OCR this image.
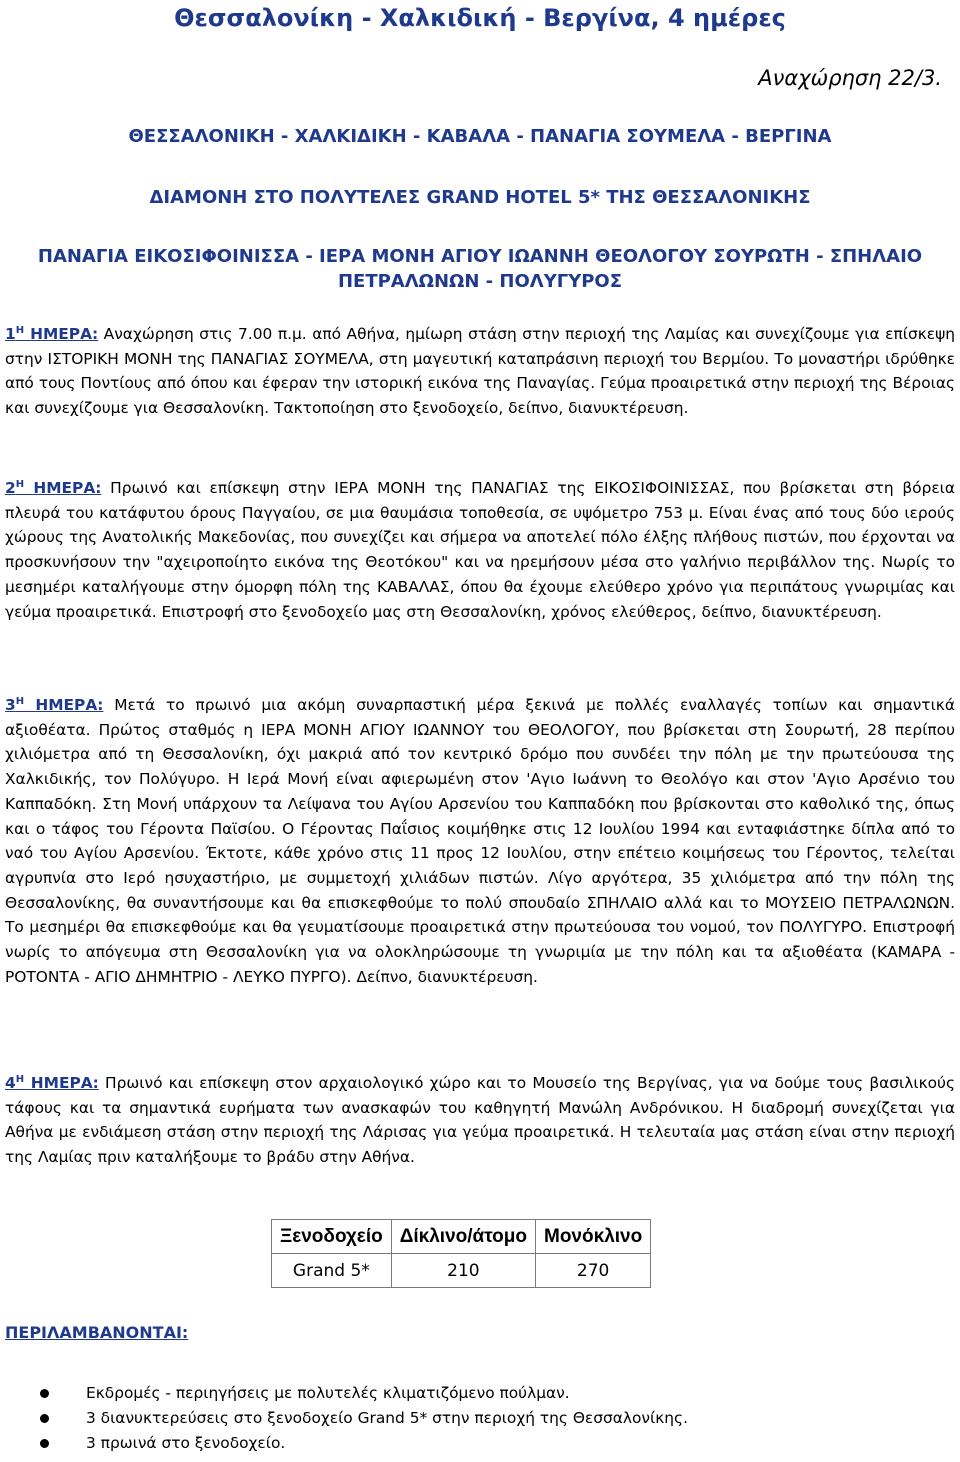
Θεσσαλονίκη - Χαλκιδική - Βεργίνα, 4 ημέρες
Αναχώρηση 22/3.
ΘΕΣΣΑΛΟΝΙΚΗ - ΧΑΛΚΙΔΙΚΗ - ΚΑΒΑΛΑ - ΠΑΝΑΓΙΑ ΣΟΥΜΕΛΑ - ΒΕΡΓΙΝΑ
ΔΙΑΜΟΝΗ ΣΤΟ ΠΟΛΥΤΕΛΕΣ GRAND HOTEL 5* ΤΗΣ ΘΕΣΣΑΛΟΝΙΚΗΣ
ΠΑΝΑΓΙΑ ΕΙΚΟΣΙΦΟΙΝΙΣΣΑ - ΙΕΡΑ ΜΟΝΗ ΑΓΙΟΥ ΙΩΑΝΝΗ ΘΕΟΛΟΓΟΥ ΣΟΥΡΩΤΗ - ΣΠΗΛΑΙΟ ΠΕΤΡΑΛΩΝΩΝ - ΠΟΛΥΓΥΡΟΣ
$1^H$ ΗΜΕΡΑ: Αναχώρηση στις 7.00 π.μ. από Αθήνα, ημίωρη στάση στην περιοχή της Λαμίας και συνεχίζουμε για επίσκεψη στην ΙΣΤΟΡΙΚΗ ΜΟΝΗ της ΠΑΝΑΓΙΑΣ ΣΟΥΜΕΛΑ, στη μαγευτική καταπράσινη περιοχή του Βερμίου. Το μοναστήρι ιδρύθηκε από τους Ποντίους από όπου και έφεραν την ιστορική εικόνα της Παναγίας. Γεύμα προαιρετικά στην περιοχή της Βέροιας και συνεχίζουμε για Θεσσαλονίκη. Τακτοποίηση στο ξενοδοχείο, δείπνο, διανυκτέρευση.
$2^H$ ΗΜΕΡΑ: Πρωινό και επίσκεψη στην ΙΕΡΑ ΜΟΝΗ της ΠΑΝΑΓΙΑΣ της ΕΙΚΟΣΙΦΟΙΝΙΣΣΑΣ, που βρίσκεται στη βόρεια πλευρά του κατάφυτου όρους Παγγαίου, σε μια θαυμάσια τοποθεσία, σε υψόμετρο 753 μ. Είναι ένας από τους δύο ιερούς χώρους της Ανατολικής Μακεδονίας, που συνεχίζει και σήμερα να αποτελεί πόλο έλξης πλήθους πιστών, που έρχονται να προσκυνήσουν την "αχειροποίητο εικόνα της Θεοτόκου" και να ηρεμήσουν μέσα στο γαλήνιο περιβάλλον της. Νωρίς το μεσημέρι καταλήγουμε στην όμορφη πόλη της ΚΑΒΑΛΑΣ, όπου θα έχουμε ελεύθερο χρόνο για περιπάτους γνωριμίας και γεύμα προαιρετικά. Επιστροφή στο ξενοδοχείο μας στη Θεσσαλονίκη, χρόνος ελεύθερος, δείπνο, διανυκτέρευση.
$3^H$ ΗΜΕΡΑ: Μετά το πρωινό μια ακόμη συναρπαστική μέρα ξεκινά με πολλές εναλλαγές τοπίων και σημαντικά αξιοθέατα. Πρώτος σταθμός η ΙΕΡΑ ΜΟΝΗ ΑΓΙΟΥ ΙΩΑΝΝΟΥ του ΘΕΟΛΟΓΟΥ, που βρίσκεται στη Σουρωτή, 28 περίπου χιλιόμετρα από τη Θεσσαλονίκη, όχι μακριά από τον κεντρικό δρόμο που συνδέει την πόλη με την πρωτεύουσα της Χαλκιδικής, τον Πολύγυρο. Η Ιερά Μονή είναι αφιερωμένη στον 'Αγιο Ιωάννη το Θεολόγο και στον 'Αγιο Αρσένιο του Καππαδόκη. Στη Μονή υπάρχουν τα Λείψανα του Αγίου Αρσενίου του Καππαδόκη που βρίσκονται στο καθολικό της, όπως και ο τάφος του Γέροντα Παϊσίου. Ο Γέροντας Παΐσιος κοιμήθηκε στις 12 Ιουλίου 1994 και ενταφιάστηκε δίπλα από το ναό του Αγίου Αρσενίου. Έκτοτε, κάθε χρόνο στις 11 προς 12 Ιουλίου, στην επέτειο κοιμήσεως του Γέροντος, τελείται αγρυπνία στο Ιερό ησυχαστήριο, με συμμετοχή χιλιάδων πιστών. Λίγο αργότερα, 35 χιλιόμετρα από την πόλη της Θεσσαλονίκης, θα συναντήσουμε και θα επισκεφθούμε το πολύ σπουδαίο ΣΠΗΛΑΙΟ αλλά και το ΜΟΥΣΕΙΟ ΠΕΤΡΑΛΩΝΩΝ. Το μεσημέρι θα επισκεφθούμε και θα γευματίσουμε προαιρετικά στην πρωτεύουσα του νομού, τον ΠΟΛΥΓΥΡΟ. Επιστροφή νωρίς το απόγευμα στη Θεσσαλονίκη για να ολοκληρώσουμε τη γνωριμία με την πόλη και τα αξιοθέατα (ΚΑΜΑΡΑ - ΡΟΤΟΝΤΑ - ΑΓΙΟ ΔΗΜΗΤΡΙΟ - ΛΕΥΚΟ ΠΥΡΓΟ). Δείπνο, διανυκτέρευση.
$4^H$ ΗΜΕΡΑ: Πρωινό και επίσκεψη στον αρχαιολογικό χώρο και το Μουσείο της Βεργίνας, για να δούμε τους βασιλικούς τάφους και τα σημαντικά ευρήματα των ανασκαφών του καθηγητή Μανώλη Ανδρόνικου. Η διαδρομή συνεχίζεται για Αθήνα με ενδιάμεση στάση στην περιοχή της Λάρισας για γεύμα προαιρετικά. Η τελευταία μας στάση είναι στην περιοχή της Λαμίας πριν καταλήξουμε το βράδυ στην Αθήνα.
Ξενοδοχείο	Δίκλινο/άτομο	Μονόκλινο
Grand 5*	210	270
ΠΕΡΙΛΑΜΒΑΝΟΝΤΑΙ:
Εκδρομές - περιηγήσεις με πολυτελές κλιματιζόμενο πούλμαν.
3 διανυκτερεύσεις στο ξενοδοχείο Grand 5* στην περιοχή της Θεσσαλονίκης.
3 πρωινά στο ξενοδοχείο.
